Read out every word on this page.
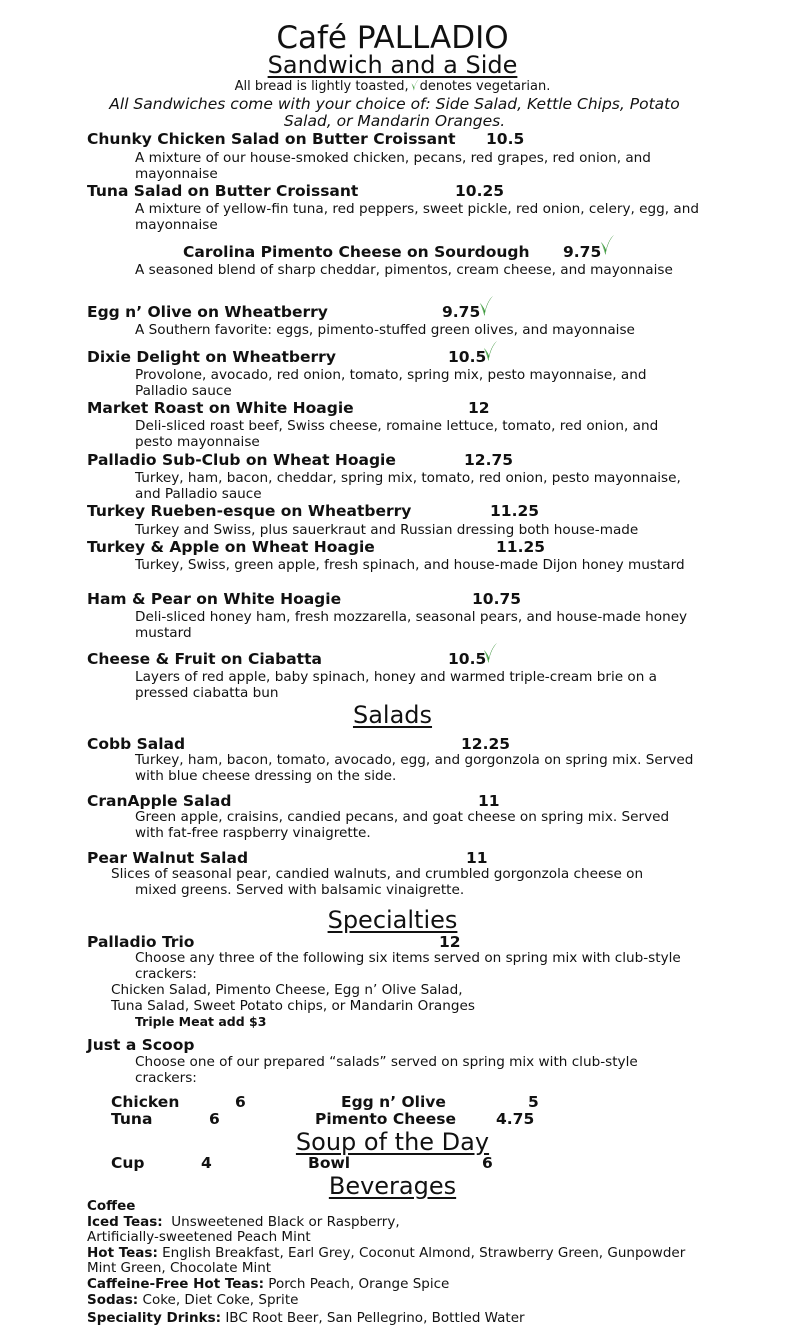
Café PALLADIO
Sandwich and a Side
All bread is lightly toasted, denotes vegetarian.
All Sandwiches come with your choice of: Side Salad, Kettle Chips, Potato Salad, or Mandarin Oranges.
Chunky Chicken Salad on Butter Croissant 10.5
A mixture of our house-smoked chicken, pecans, red grapes, red onion, and mayonnaise
Tuna Salad on Butter Croissant	10.25
A mixture of yellow-fin tuna, red peppers, sweet pickle, red onion, celery, egg, and mayonnaise
Carolina Pimento Cheese on Sourdough 9.75
A seasoned blend of sharp cheddar, pimentos, cream cheese, and mayonnaise
Egg n’ Olive on Wheatberry	9.75
A Southern favorite: eggs, pimento-stuffed green olives, and mayonnaise
Dixie Delight on Wheatberry	10.5
Provolone, avocado, red onion, tomato, spring mix, pesto mayonnaise, and Palladio sauce
Market Roast on White Hoagie	12
Deli-sliced roast beef, Swiss cheese, romaine lettuce, tomato, red onion, and pesto mayonnaise
Palladio Sub-Club on Wheat Hoagie	12.75
Turkey, ham, bacon, cheddar, spring mix, tomato, red onion, pesto mayonnaise, and Palladio sauce
Turkey Rueben-esque on Wheatberry	11.25
Turkey and Swiss, plus sauerkraut and Russian dressing both house-made
Turkey & Apple on Wheat Hoagie	11.25
Turkey, Swiss, green apple, fresh spinach, and house-made Dijon honey mustard
Ham & Pear on White Hoagie	10.75
Deli-sliced honey ham, fresh mozzarella, seasonal pears, and house-made honey mustard
Cheese & Fruit on Ciabatta	10.5
Layers of red apple, baby spinach, honey and warmed triple-cream brie on a pressed ciabatta bun
Salads
Cobb Salad	12.25
Turkey, ham, bacon, tomato, avocado, egg, and gorgonzola on spring mix. Served with blue cheese dressing on the side.
CranApple Salad	11
Green apple, craisins, candied pecans, and goat cheese on spring mix. Served with fat-free raspberry vinaigrette.
Pear Walnut Salad	11
Slices of seasonal pear, candied walnuts, and crumbled gorgonzola cheese on
mixed greens. Served with balsamic vinaigrette.
Specialties
Palladio Trio	12
Choose any three of the following six items served on spring mix with club-style crackers:
Chicken Salad, Pimento Cheese, Egg n’ Olive Salad,
Tuna Salad, Sweet Potato chips, or Mandarin Oranges
Triple Meat add $3
Just a Scoop
Choose one of our prepared “salads” served on spring mix with club-style crackers:
Chicken	6	Egg n’ Olive	5
Tuna	6	Pimento Cheese	4.75
Soup of the Day
Cup	4	Bowl	6
Beverages
Coffee
Iced Teas: Unsweetened Black or Raspberry,
Artificially-sweetened Peach Mint
Hot Teas: English Breakfast, Earl Grey, Coconut Almond, Strawberry Green, Gunpowder
Mint Green, Chocolate Mint
Caffeine-Free Hot Teas: Porch Peach, Orange Spice
Sodas: Coke, Diet Coke, Sprite
Speciality Drinks: IBC Root Beer, San Pellegrino, Bottled Water
